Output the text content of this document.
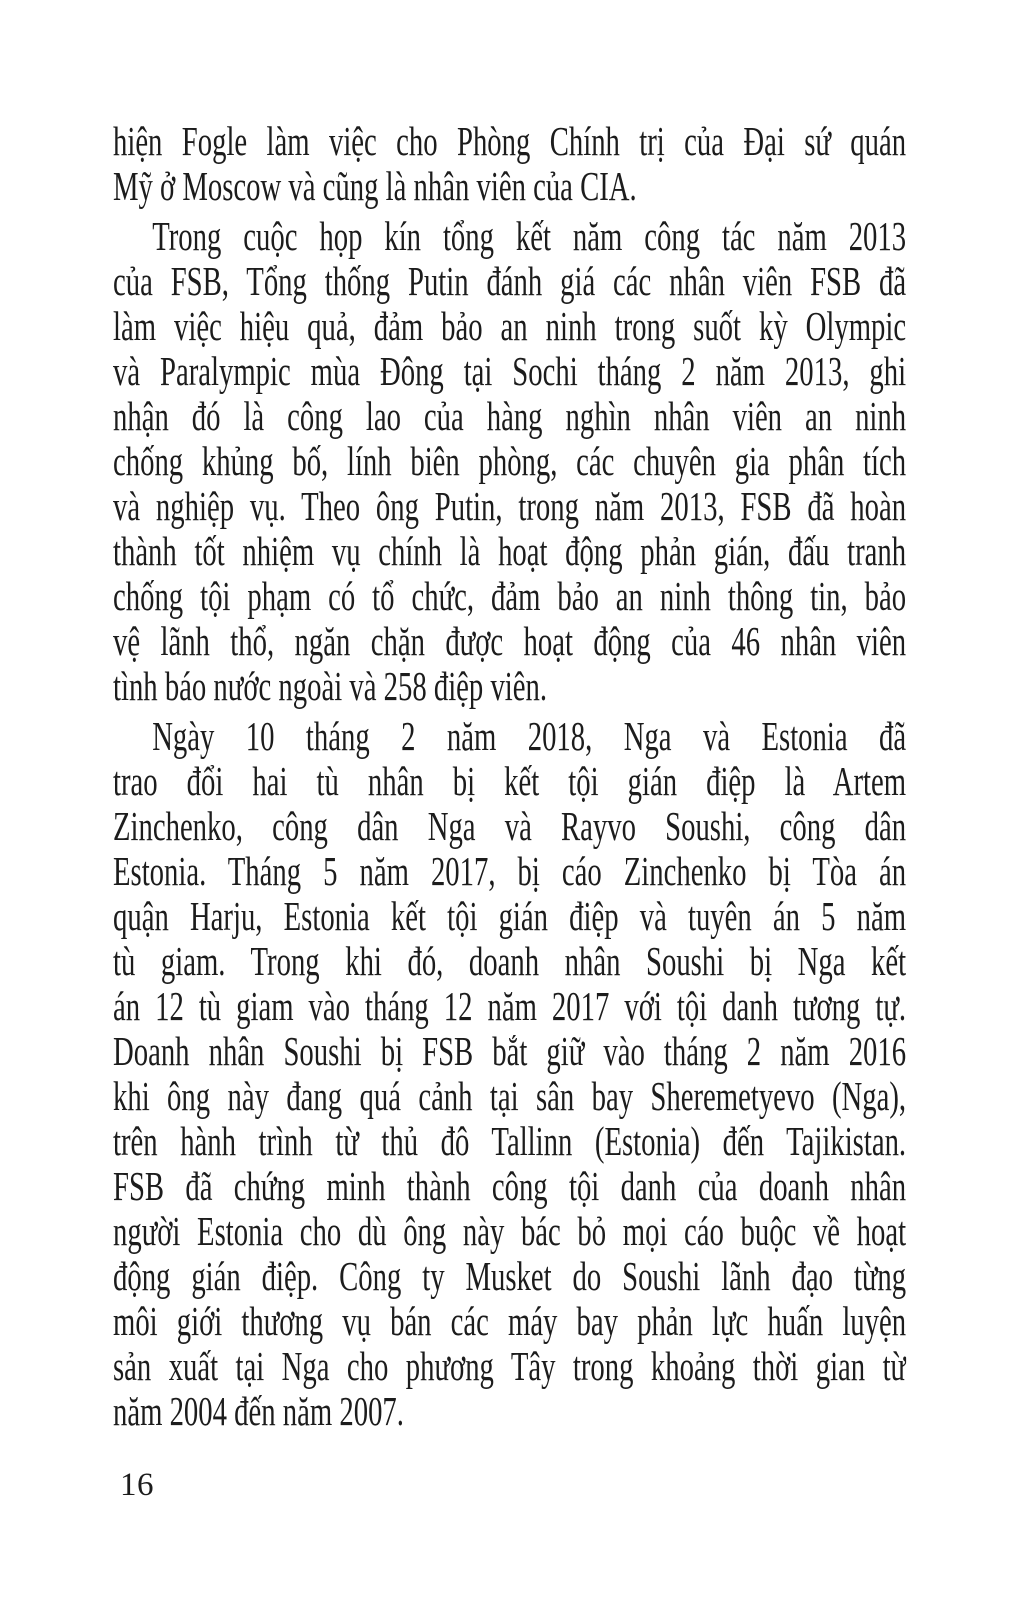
hiện Fogle làm việc cho Phòng Chính trị của Đại sứ quán
Mỹ ở Moscow và cũng là nhân viên của CIA.

Trong cuộc họp kín tổng kết năm công tác năm 2013
của FSB, Tổng thống Putin đánh giá các nhân viên FSB đã
làm việc hiệu quả, đảm bảo an ninh trong suốt kỳ Olympic
và Paralympic mùa Đông tại Sochi tháng 2 năm 2013, ghi
nhận đó là công lao của hàng nghìn nhân viên an ninh
chống khủng bố, lính biên phòng, các chuyên gia phân tích
và nghiệp vụ. Theo ông Putin, trong năm 2013, FSB đã hoàn
thành tốt nhiệm vụ chính là hoạt động phản gián, đấu tranh
chống tội phạm có tổ chức, đảm bảo an ninh thông tin, bảo
vệ lãnh thổ, ngăn chặn được hoạt động của 46 nhân viên
tình báo nước ngoài và 258 điệp viên.

Ngày 10 tháng 2 năm 2018, Nga và Estonia đã
trao đổi hai tù nhân bị kết tội gián điệp là Artem
Zinchenko, công dân Nga và Rayvo Soushi, công dân
Estonia. Tháng 5 năm 2017, bị cáo Zinchenko bị Tòa án
quận Harju, Estonia kết tội gián điệp và tuyên án 5 năm
tù giam. Trong khi đó, doanh nhân Soushi bị Nga kết
án 12 tù giam vào tháng 12 năm 2017 với tội danh tương tự.
Doanh nhân Soushi bị FSB bắt giữ vào tháng 2 năm 2016
khi ông này đang quá cảnh tại sân bay Sheremetyevo (Nga),
trên hành trình từ thủ đô Tallinn (Estonia) đến Tajikistan.
FSB đã chứng minh thành công tội danh của doanh nhân
người Estonia cho dù ông này bác bỏ mọi cáo buộc về hoạt
động gián điệp. Công ty Musket do Soushi lãnh đạo từng
môi giới thương vụ bán các máy bay phản lực huấn luyện
sản xuất tại Nga cho phương Tây trong khoảng thời gian từ
năm 2004 đến năm 2007.

16
